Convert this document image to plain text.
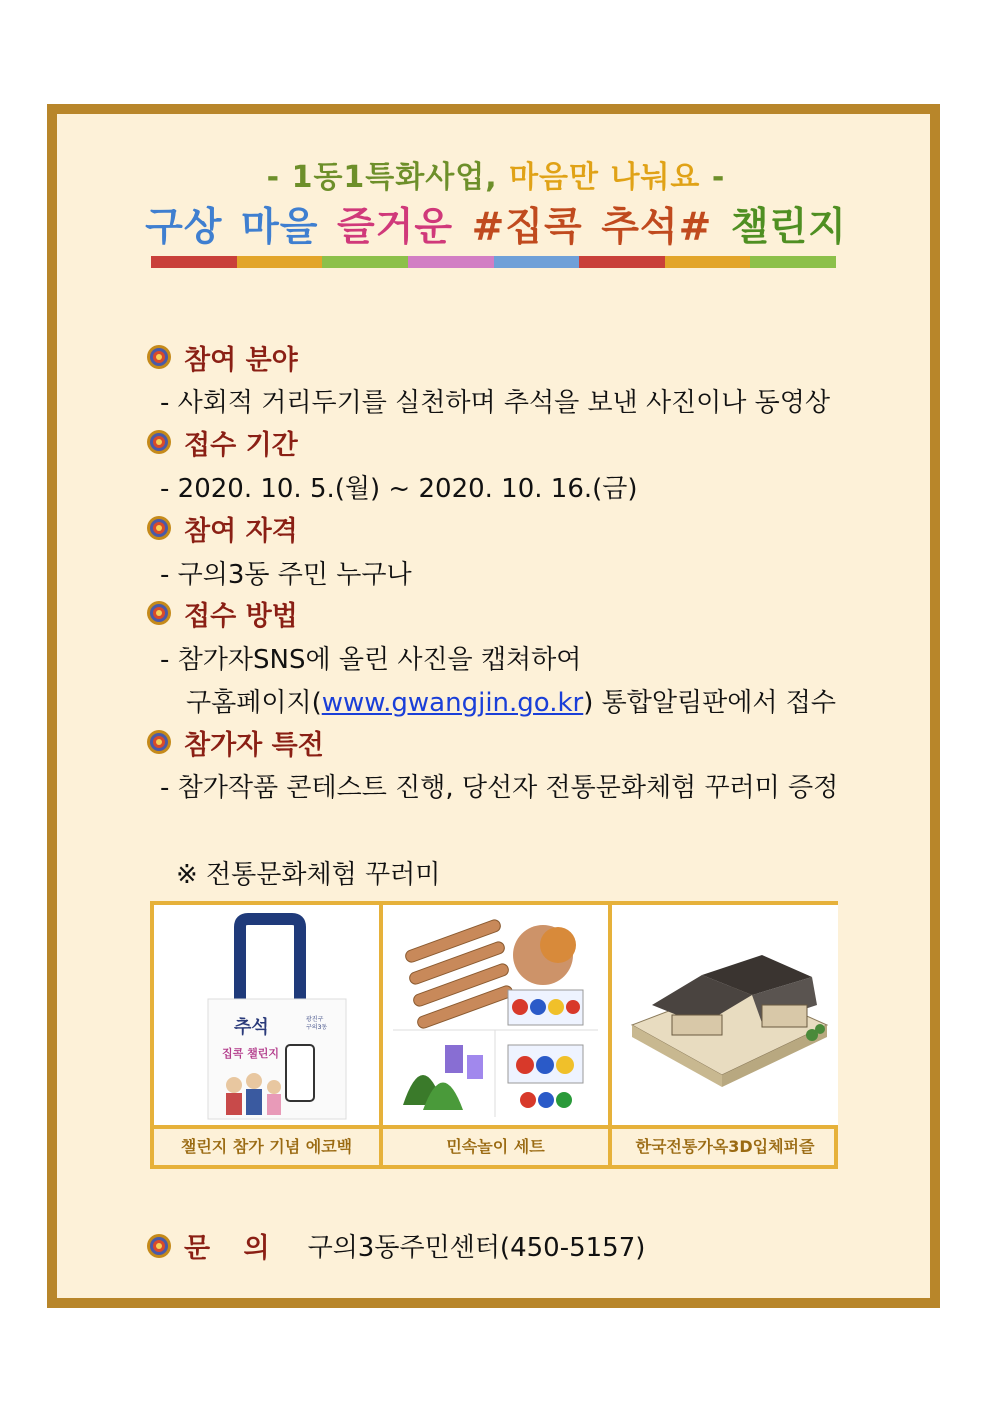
- 1동1특화사업, 마음만 나눠요 -
구상 마을 즐거운 #집콕 추석# 챌린지
참여 분야
- 사회적 거리두기를 실천하며 추석을 보낸 사진이나 동영상
접수 기간
- 2020. 10. 5.(월) ~ 2020. 10. 16.(금)
참여 자격
- 구의3동 주민 누구나
접수 방법
- 참가자SNS에 올린 사진을 캡쳐하여
구홈페이지(www.gwangjin.go.kr) 통합알림판에서 접수
참가자 특전
- 참가작품 콘테스트 진행, 당선자 전통문화체험 꾸러미 증정
※ 전통문화체험 꾸러미
추석
집콕 챌린지
광진구
구의3동
챌린지 참가 기념 에코백	민속놀이 세트	한국전통가옥3D입체퍼즐
문 의 구의3동주민센터(450-5157)
